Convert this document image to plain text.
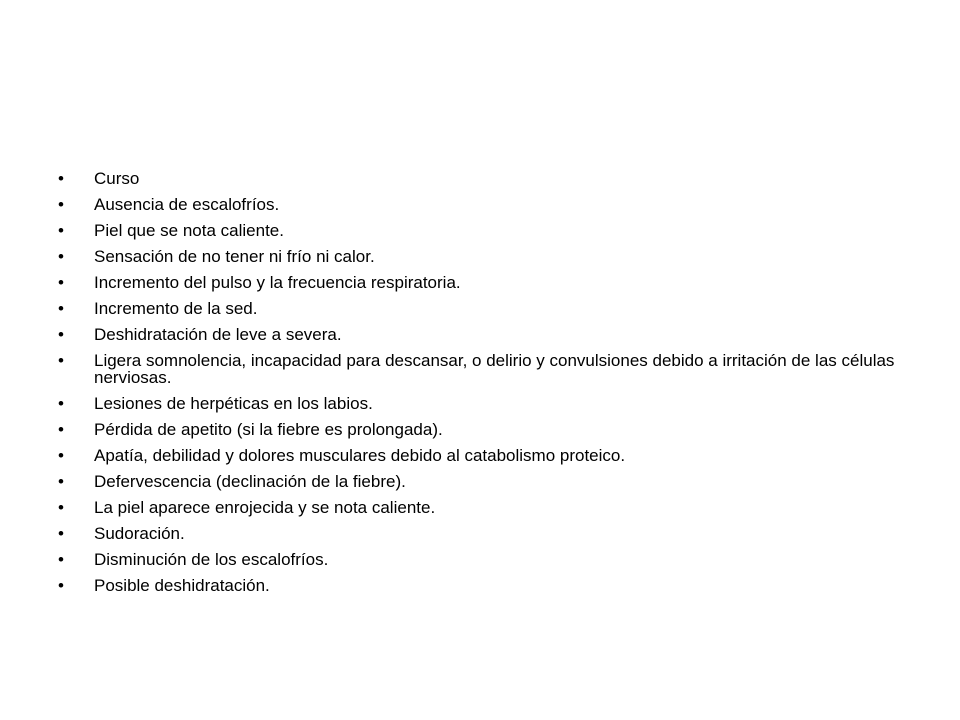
•	Curso
•	Ausencia de escalofríos.
•	Piel que se nota caliente.
•	Sensación de no tener ni frío ni calor.
•	Incremento del pulso y la frecuencia respiratoria.
•	Incremento de la sed.
•	Deshidratación de leve a severa.
•	Ligera somnolencia, incapacidad para descansar, o delirio y convulsiones debido a irritación de las células nerviosas.
•	Lesiones de herpéticas en los labios.
•	Pérdida de apetito (si la fiebre es prolongada).
•	Apatía, debilidad y dolores musculares debido al catabolismo proteico.
•	Defervescencia (declinación de la fiebre).
•	La piel aparece enrojecida y se nota caliente.
•	Sudoración.
•	Disminución de los escalofríos.
•	Posible deshidratación.
